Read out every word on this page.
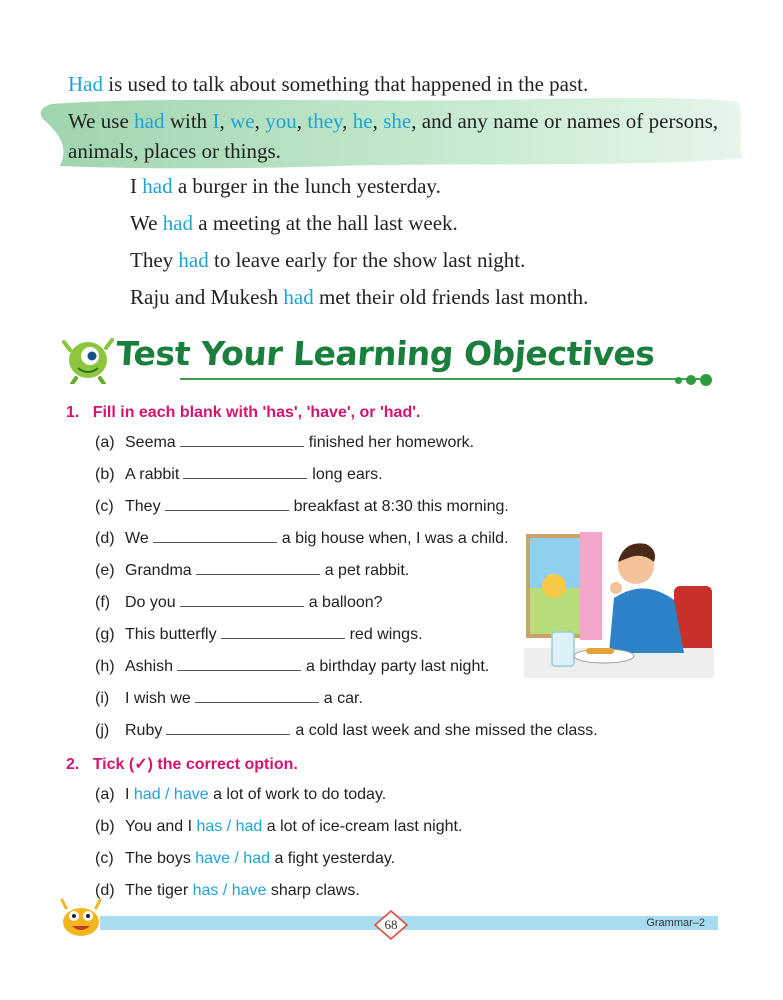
Had is used to talk about something that happened in the past.
We use had with I, we, you, they, he, she, and any name or names of persons, animals, places or things.
I had a burger in the lunch yesterday.
We had a meeting at the hall last week.
They had to leave early for the show last night.
Raju and Mukesh had met their old friends last month.
Test Your Learning Objectives
1. Fill in each blank with 'has', 'have', or 'had'.
(a) Seema	finished her homework.
(b) A rabbit	long ears.
(c) They	breakfast at 8:30 this morning.
(d) We	a big house when, I was a child.
(e) Grandma	a pet rabbit.
(f) Do you	a balloon?
(g) This butterfly	red wings.
(h) Ashish	a birthday party last night.
(i) I wish we	a car.
(j) Ruby	a cold last week and she missed the class.
2. Tick (✓) the correct option.
(a) I had / have a lot of work to do today.
(b) You and I has / had a lot of ice-cream last night.
(c) The boys have / had a fight yesterday.
(d) The tiger has / have sharp claws.
68	Grammar–2
